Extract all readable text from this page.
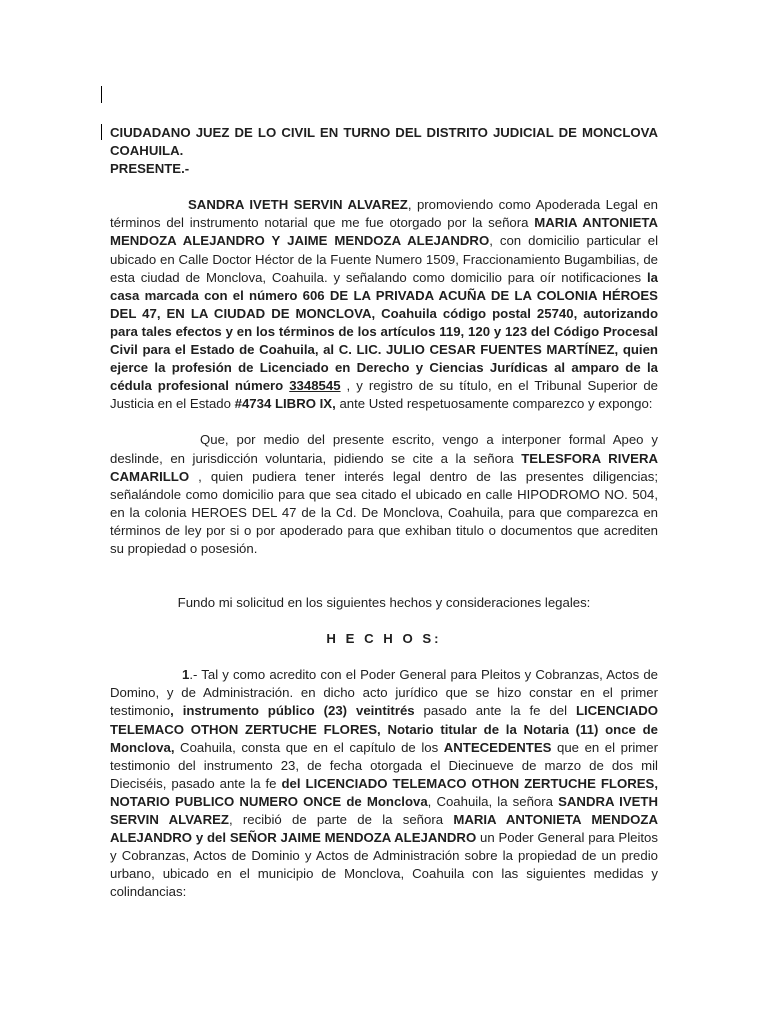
CIUDADANO JUEZ DE LO CIVIL EN TURNO DEL DISTRITO JUDICIAL DE MONCLOVA COAHUILA.

PRESENTE.-

SANDRA IVETH SERVIN ALVAREZ, promoviendo como Apoderada Legal en términos del instrumento notarial que me fue otorgado por la señora MARIA ANTONIETA MENDOZA ALEJANDRO Y JAIME MENDOZA ALEJANDRO, con domicilio particular el ubicado en Calle Doctor Héctor de la Fuente Numero 1509, Fraccionamiento Bugambilias, de esta ciudad de Monclova, Coahuila. y señalando como domicilio para oír notificaciones la casa marcada con el número 606 DE LA PRIVADA ACUÑA DE LA COLONIA HÉROES DEL 47, EN LA CIUDAD DE MONCLOVA, Coahuila código postal 25740, autorizando para tales efectos y en los términos de los artículos 119, 120 y 123 del Código Procesal Civil para el Estado de Coahuila, al C. LIC. JULIO CESAR FUENTES MARTÍNEZ, quien ejerce la profesión de Licenciado en Derecho y Ciencias Jurídicas al amparo de la cédula profesional número 3348545 , y registro de su título, en el Tribunal Superior de Justicia en el Estado #4734 LIBRO IX, ante Usted respetuosamente comparezco y expongo:

Que, por medio del presente escrito, vengo a interponer formal Apeo y deslinde, en jurisdicción voluntaria, pidiendo se cite a la señora TELESFORA RIVERA CAMARILLO , quien pudiera tener interés legal dentro de las presentes diligencias; señalándole como domicilio para que sea citado el ubicado en calle HIPODROMO NO. 504, en la colonia HEROES DEL 47 de la Cd. De Monclova, Coahuila, para que comparezca en términos de ley por si o por apoderado para que exhiban titulo o documentos que acrediten su propiedad o posesión.

Fundo mi solicitud en los siguientes hechos y consideraciones legales:

H E C H O S:

1.- Tal y como acredito con el Poder General para Pleitos y Cobranzas, Actos de Domino, y de Administración. en dicho acto jurídico que se hizo constar en el primer testimonio, instrumento público (23) veintitrés pasado ante la fe del LICENCIADO TELEMACO OTHON ZERTUCHE FLORES, Notario titular de la Notaria (11) once de Monclova, Coahuila, consta que en el capítulo de los ANTECEDENTES que en el primer testimonio del instrumento 23, de fecha otorgada el Diecinueve de marzo de dos mil Dieciséis, pasado ante la fe del LICENCIADO TELEMACO OTHON ZERTUCHE FLORES, NOTARIO PUBLICO NUMERO ONCE de Monclova, Coahuila, la señora SANDRA IVETH SERVIN ALVAREZ, recibió de parte de la señora MARIA ANTONIETA MENDOZA ALEJANDRO y del SEÑOR JAIME MENDOZA ALEJANDRO un Poder General para Pleitos y Cobranzas, Actos de Dominio y Actos de Administración sobre la propiedad de un predio urbano, ubicado en el municipio de Monclova, Coahuila con las siguientes medidas y colindancias:
